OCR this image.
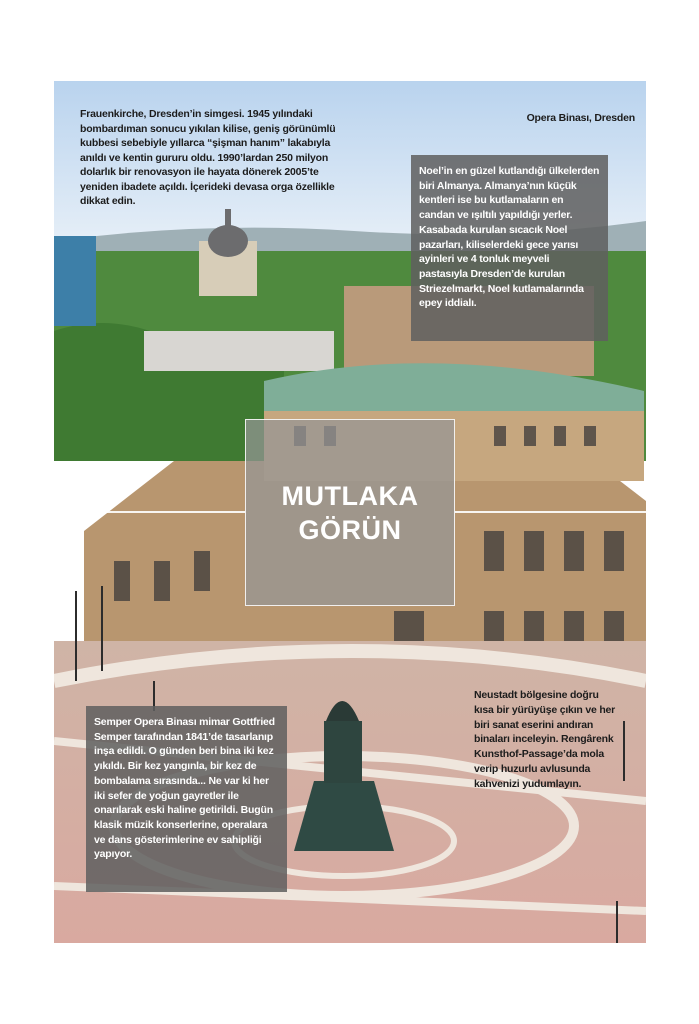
Frauenkirche, Dresden’in simgesi. 1945 yılındaki bombardıman sonucu yıkılan kilise, geniş görünümlü kubbesi sebebiyle yıllarca “şişman hanım” lakabıyla anıldı ve kentin gururu oldu. 1990’lardan 250 milyon dolarlık bir renovasyon ile hayata dönerek 2005’te yeniden ibadete açıldı. İçerideki devasa orga özellikle dikkat edin.
Opera Binası, Dresden
Noel’in en güzel kutlandığı ülkelerden biri Almanya. Almanya’nın küçük kentleri ise bu kutlamaların en candan ve ışıltılı yapıldığı yerler. Kasabada kurulan sıcacık Noel pazarları, kiliselerdeki gece yarısı ayinleri ve 4 tonluk meyveli pastasıyla Dresden’de kurulan Striezelmarkt, Noel kutlamalarında epey iddialı.
MUTLAKA
GÖRÜN
Semper Opera Binası mimar Gottfried Semper tarafından 1841’de tasarlanıp inşa edildi. O günden beri bina iki kez yıkıldı. Bir kez yangınla, bir kez de bombalama sırasında... Ne var ki her iki sefer de yoğun gayretler ile onarılarak eski haline getirildi. Bugün klasik müzik konserlerine, operalara ve dans gösterimlerine ev sahipliği yapıyor.
Neustadt bölgesine doğru kısa bir yürüyüşe çıkın ve her biri sanat eserini andıran binaları inceleyin. Rengârenk Kunsthof-Passage’da mola verip huzurlu avlusunda kahvenizi yudumlayın.
